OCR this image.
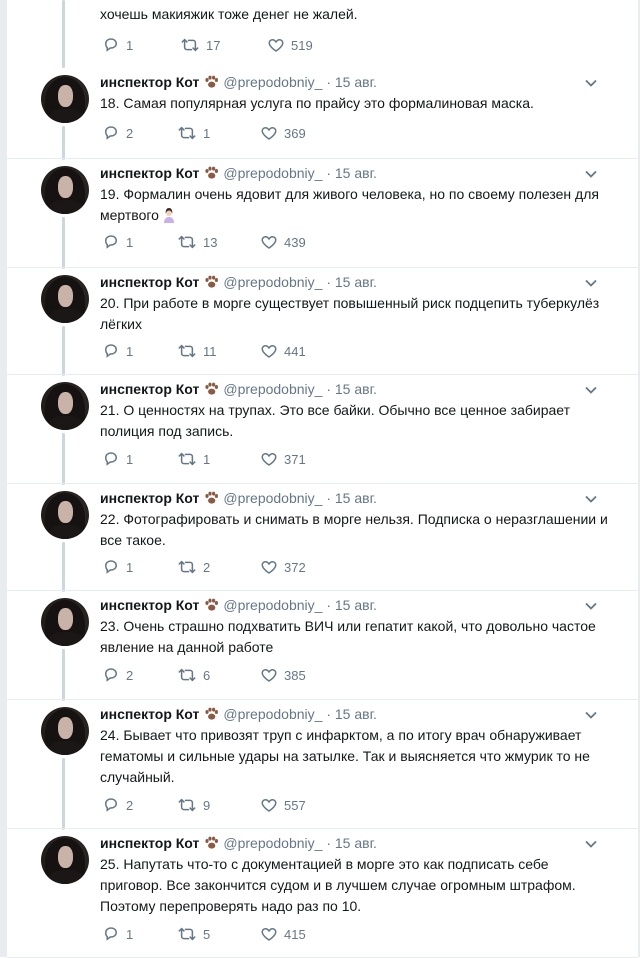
хочешь макияжик тоже денег не жалей.
1	17	519
инспектор Кот @prepodobniy_ · 15 авг.
18. Самая популярная услуга по прайсу это формалиновая маска.
2	1	369
инспектор Кот @prepodobniy_ · 15 авг.
19. Формалин очень ядовит для живого человека, но по своему полезен для мертвого
1	13	439
инспектор Кот @prepodobniy_ · 15 авг.
20. При работе в морге существует повышенный риск подцепить туберкулёз лёгких
1	11	441
инспектор Кот @prepodobniy_ · 15 авг.
21. О ценностях на трупах. Это все байки. Обычно все ценное забирает полиция под запись.
1	1	371
инспектор Кот @prepodobniy_ · 15 авг.
22. Фотографировать и снимать в морге нельзя. Подписка о неразглашении и все такое.
1	2	372
инспектор Кот @prepodobniy_ · 15 авг.
23. Очень страшно подхватить ВИЧ или гепатит какой, что довольно частое явление на данной работе
2	6	385
инспектор Кот @prepodobniy_ · 15 авг.
24. Бывает что привозят труп с инфарктом, а по итогу врач обнаруживает гематомы и сильные удары на затылке. Так и выясняется что жмурик то не случайный.
2	9	557
инспектор Кот @prepodobniy_ · 15 авг.
25. Напутать что-то с документацией в морге это как подписать себе приговор. Все закончится судом и в лучшем случае огромным штрафом. Поэтому перепроверять надо раз по 10.
1	5	415
